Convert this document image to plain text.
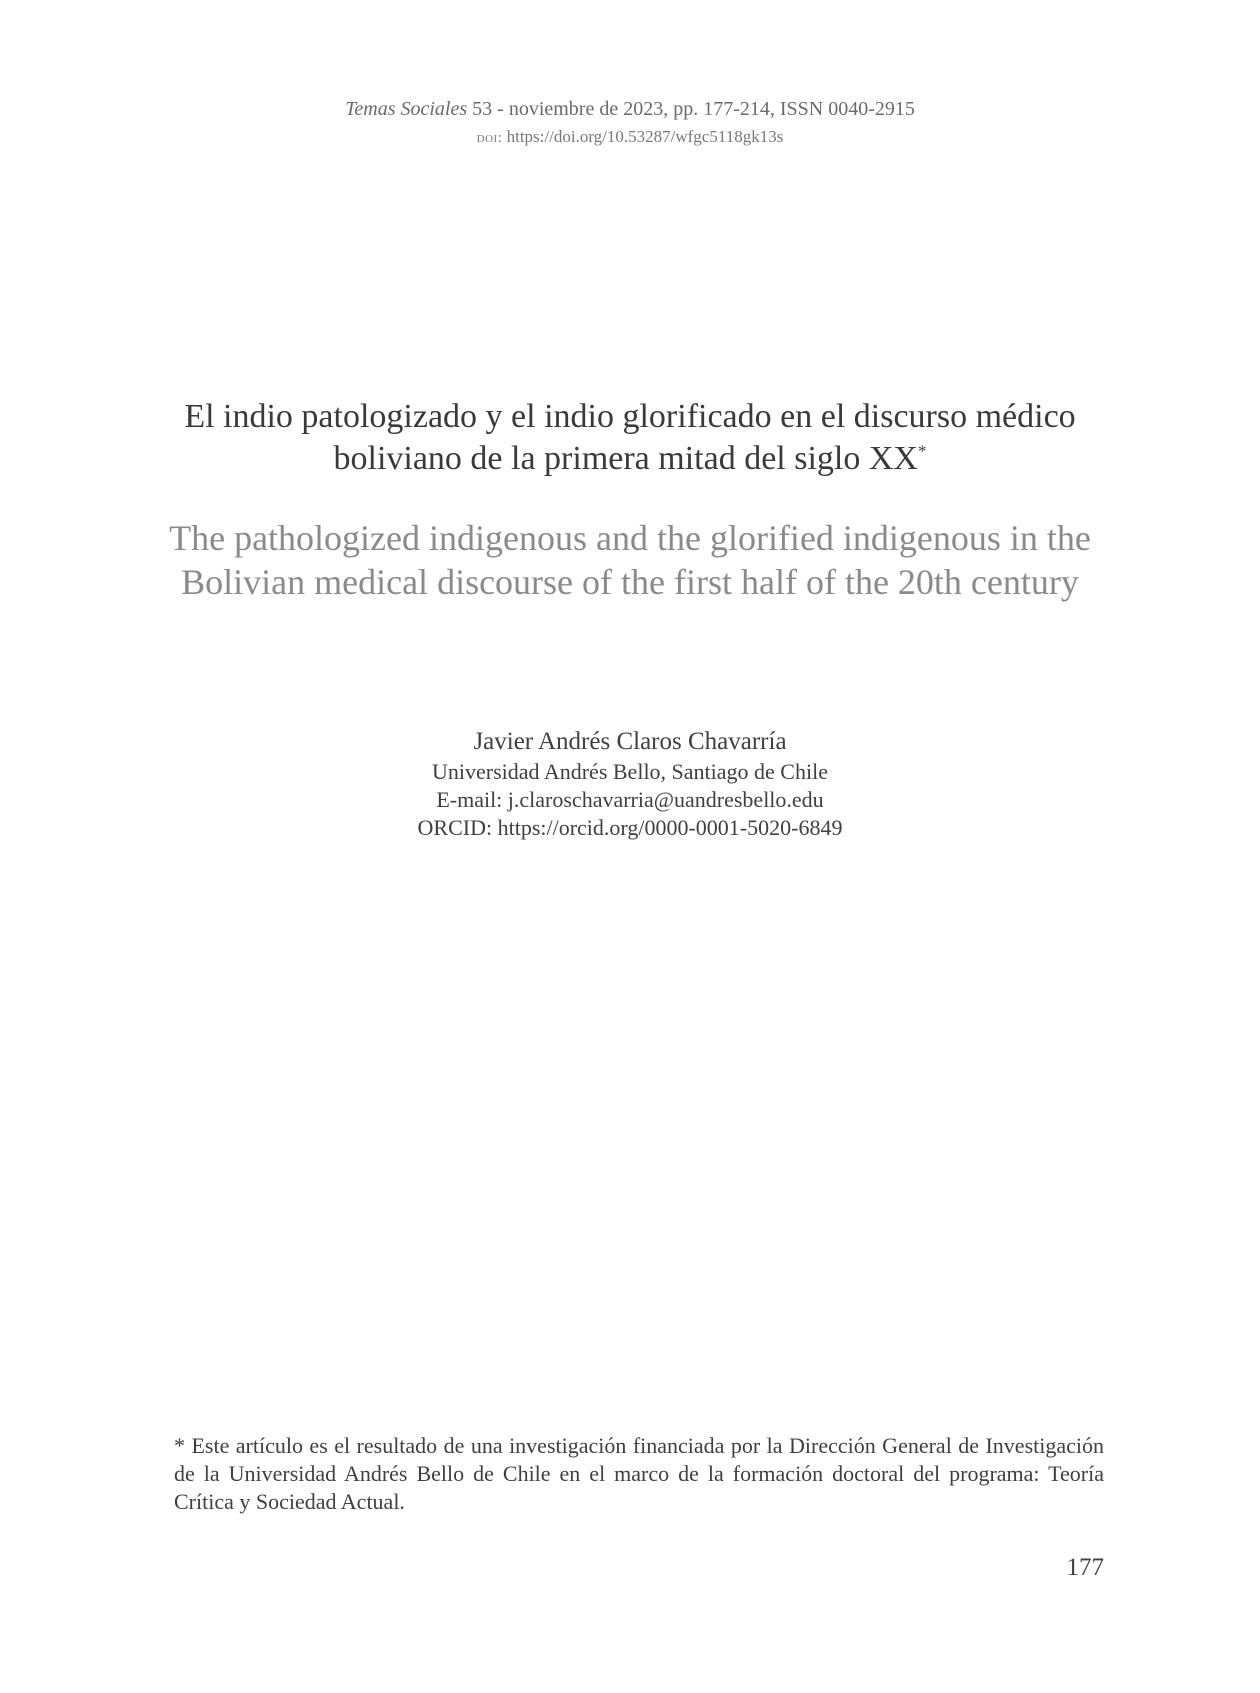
Temas Sociales 53 - noviembre de 2023, pp. 177-214, ISSN 0040-2915
doi: https://doi.org/10.53287/wfgc5118gk13s
El indio patologizado y el indio glorificado en el discurso médico boliviano de la primera mitad del siglo XX*
The pathologized indigenous and the glorified indigenous in the Bolivian medical discourse of the first half of the 20th century
Javier Andrés Claros Chavarría
Universidad Andrés Bello, Santiago de Chile
E-mail: j.claroschavarria@uandresbello.edu
ORCID: https://orcid.org/0000-0001-5020-6849
* Este artículo es el resultado de una investigación financiada por la Dirección General de Investigación de la Universidad Andrés Bello de Chile en el marco de la formación doctoral del programa: Teoría Crítica y Sociedad Actual.
177
